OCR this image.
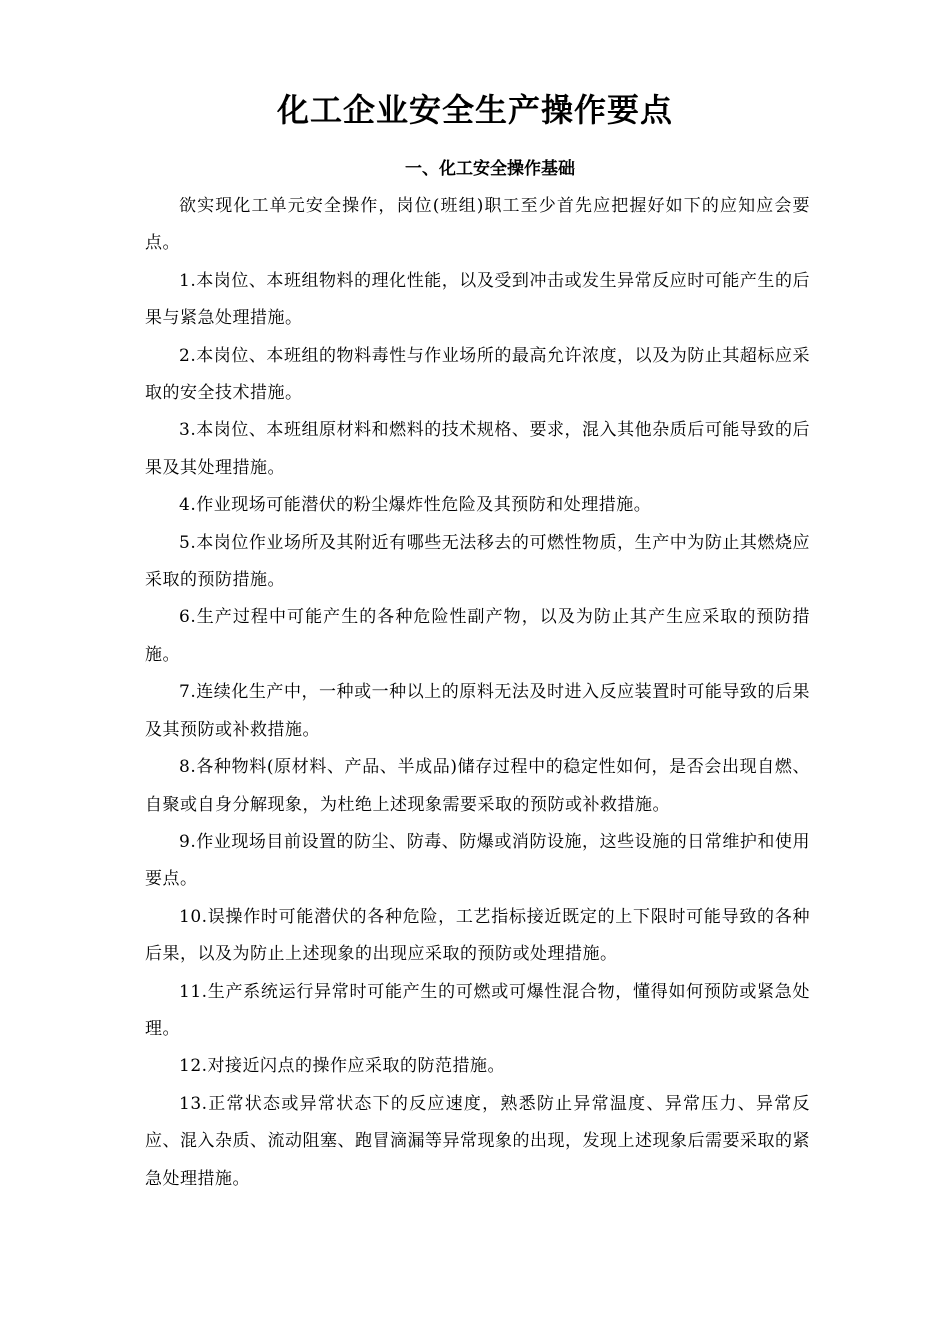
化工企业安全生产操作要点
一、化工安全操作基础

欲实现化工单元安全操作，岗位(班组)职工至少首先应把握好如下的应知应会要点。

1.本岗位、本班组物料的理化性能，以及受到冲击或发生异常反应时可能产生的后果与紧急处理措施。

2.本岗位、本班组的物料毒性与作业场所的最高允许浓度，以及为防止其超标应采取的安全技术措施。

3.本岗位、本班组原材料和燃料的技术规格、要求，混入其他杂质后可能导致的后果及其处理措施。

4.作业现场可能潜伏的粉尘爆炸性危险及其预防和处理措施。

5.本岗位作业场所及其附近有哪些无法移去的可燃性物质，生产中为防止其燃烧应采取的预防措施。

6.生产过程中可能产生的各种危险性副产物，以及为防止其产生应采取的预防措施。

7.连续化生产中，一种或一种以上的原料无法及时进入反应装置时可能导致的后果及其预防或补救措施。

8.各种物料(原材料、产品、半成品)储存过程中的稳定性如何，是否会出现自燃、自聚或自身分解现象，为杜绝上述现象需要采取的预防或补救措施。

9.作业现场目前设置的防尘、防毒、防爆或消防设施，这些设施的日常维护和使用要点。

10.误操作时可能潜伏的各种危险，工艺指标接近既定的上下限时可能导致的各种后果，以及为防止上述现象的出现应采取的预防或处理措施。

11.生产系统运行异常时可能产生的可燃或可爆性混合物，懂得如何预防或紧急处理。

12.对接近闪点的操作应采取的防范措施。

13.正常状态或异常状态下的反应速度，熟悉防止异常温度、异常压力、异常反应、混入杂质、流动阻塞、跑冒滴漏等异常现象的出现，发现上述现象后需要采取的紧急处理措施。
